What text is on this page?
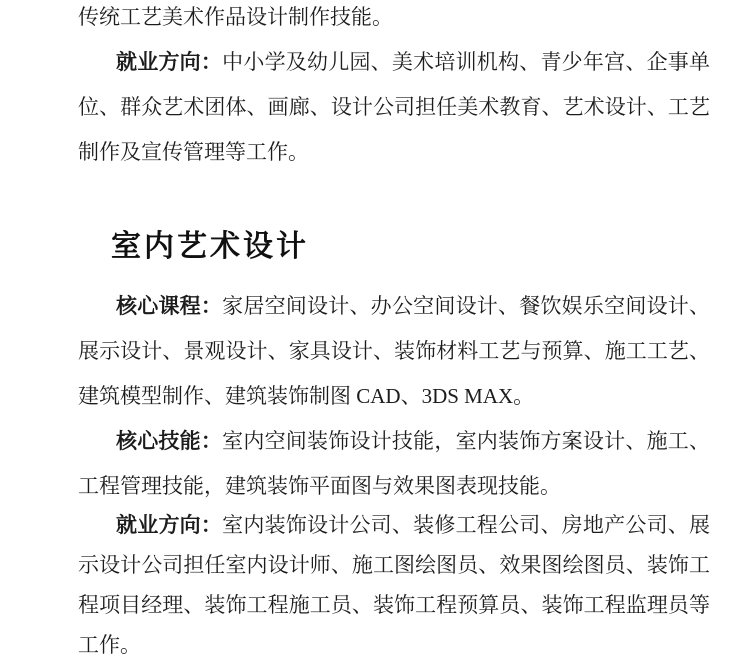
传统工艺美术作品设计制作技能。

就业方向：中小学及幼儿园、美术培训机构、青少年宫、企事单位、群众艺术团体、画廊、设计公司担任美术教育、艺术设计、工艺制作及宣传管理等工作。

室内艺术设计

核心课程：家居空间设计、办公空间设计、餐饮娱乐空间设计、展示设计、景观设计、家具设计、装饰材料工艺与预算、施工工艺、建筑模型制作、建筑装饰制图 CAD、3DS MAX。

核心技能：室内空间装饰设计技能，室内装饰方案设计、施工、工程管理技能，建筑装饰平面图与效果图表现技能。

就业方向：室内装饰设计公司、装修工程公司、房地产公司、展示设计公司担任室内设计师、施工图绘图员、效果图绘图员、装饰工程项目经理、装饰工程施工员、装饰工程预算员、装饰工程监理员等工作。
